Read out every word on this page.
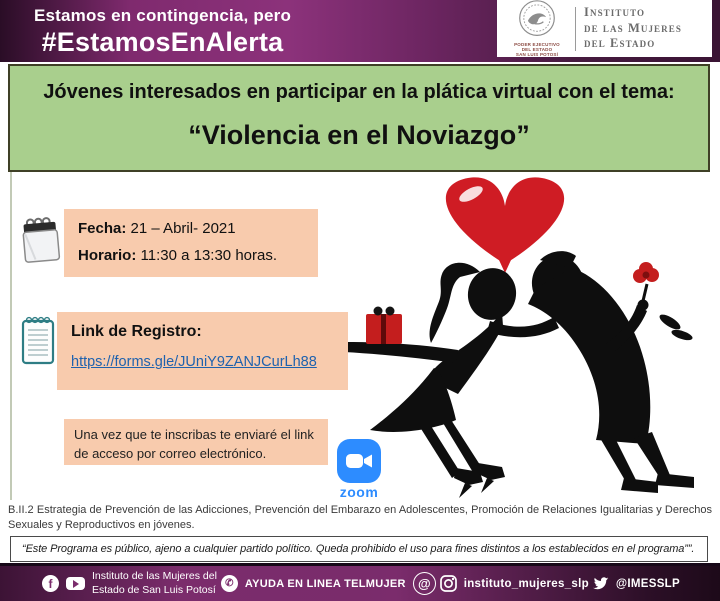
Estamos en contingencia, pero
#EstamosEnAlerta	PODER EJECUTIVO
DEL ESTADO
SAN LUIS POTOSÍ
Instituto
de las Mujeres
del Estado
Jóvenes interesados en participar en la plática virtual con el tema:
“Violencia en el Noviazgo”
Fecha: 21 – Abril- 2021
Horario: 11:30 a 13:30 horas.
Link de Registro:
https://forms.gle/JUniY9ZANJCurLh88
Una vez que te inscribas te enviaré el link de acceso por correo electrónico.
zoom
B.II.2 Estrategia de Prevención de las Adicciones, Prevención del Embarazo en Adolescentes, Promoción de Relaciones Igualitarias y Derechos Sexuales y Reproductivos en jóvenes.
“Este Programa es público, ajeno a cualquier partido político. Queda prohibido el uso para fines distintos a los establecidos en el programa””.
f
Instituto de las Mujeres del
Estado de San Luis Potosí ✆	AYUDA EN LINEA TELMUJER @	instituto_mujeres_slp @IMESSLP
